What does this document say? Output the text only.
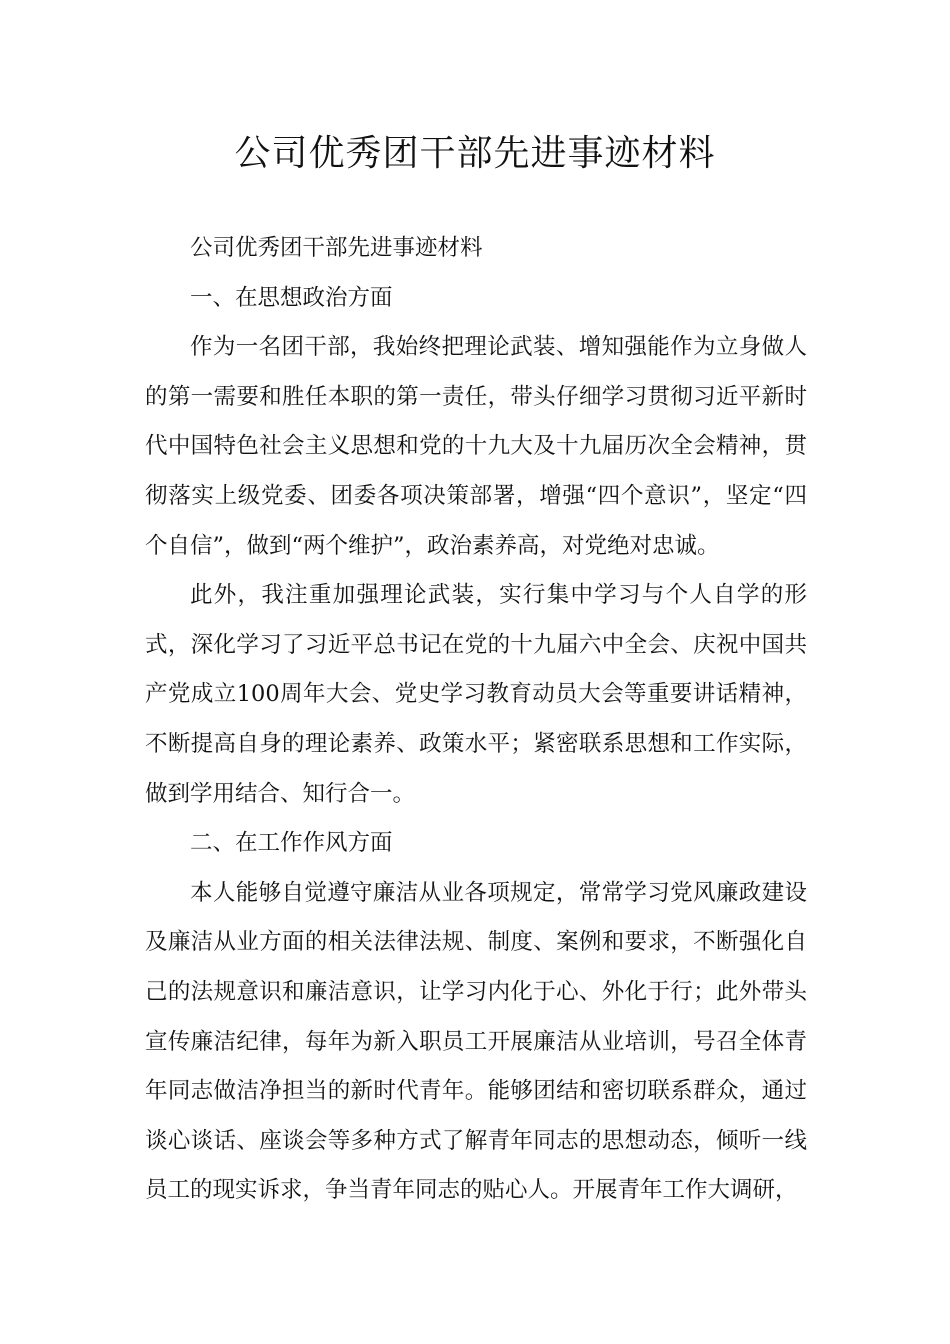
公司优秀团干部先进事迹材料

公司优秀团干部先进事迹材料

一、在思想政治方面

作为一名团干部，我始终把理论武装、增知强能作为立身做人的第一需要和胜任本职的第一责任，带头仔细学习贯彻习近平新时代中国特色社会主义思想和党的十九大及十九届历次全会精神，贯彻落实上级党委、团委各项决策部署，增强“四个意识”，坚定“四个自信”，做到“两个维护”，政治素养高，对党绝对忠诚。

此外，我注重加强理论武装，实行集中学习与个人自学的形式，深化学习了习近平总书记在党的十九届六中全会、庆祝中国共产党成立100周年大会、党史学习教育动员大会等重要讲话精神，不断提高自身的理论素养、政策水平；紧密联系思想和工作实际，做到学用结合、知行合一。

二、在工作作风方面

本人能够自觉遵守廉洁从业各项规定，常常学习党风廉政建设及廉洁从业方面的相关法律法规、制度、案例和要求，不断强化自己的法规意识和廉洁意识，让学习内化于心、外化于行；此外带头宣传廉洁纪律，每年为新入职员工开展廉洁从业培训，号召全体青年同志做洁净担当的新时代青年。能够团结和密切联系群众，通过谈心谈话、座谈会等多种方式了解青年同志的思想动态，倾听一线员工的现实诉求，争当青年同志的贴心人。开展青年工作大调研，
